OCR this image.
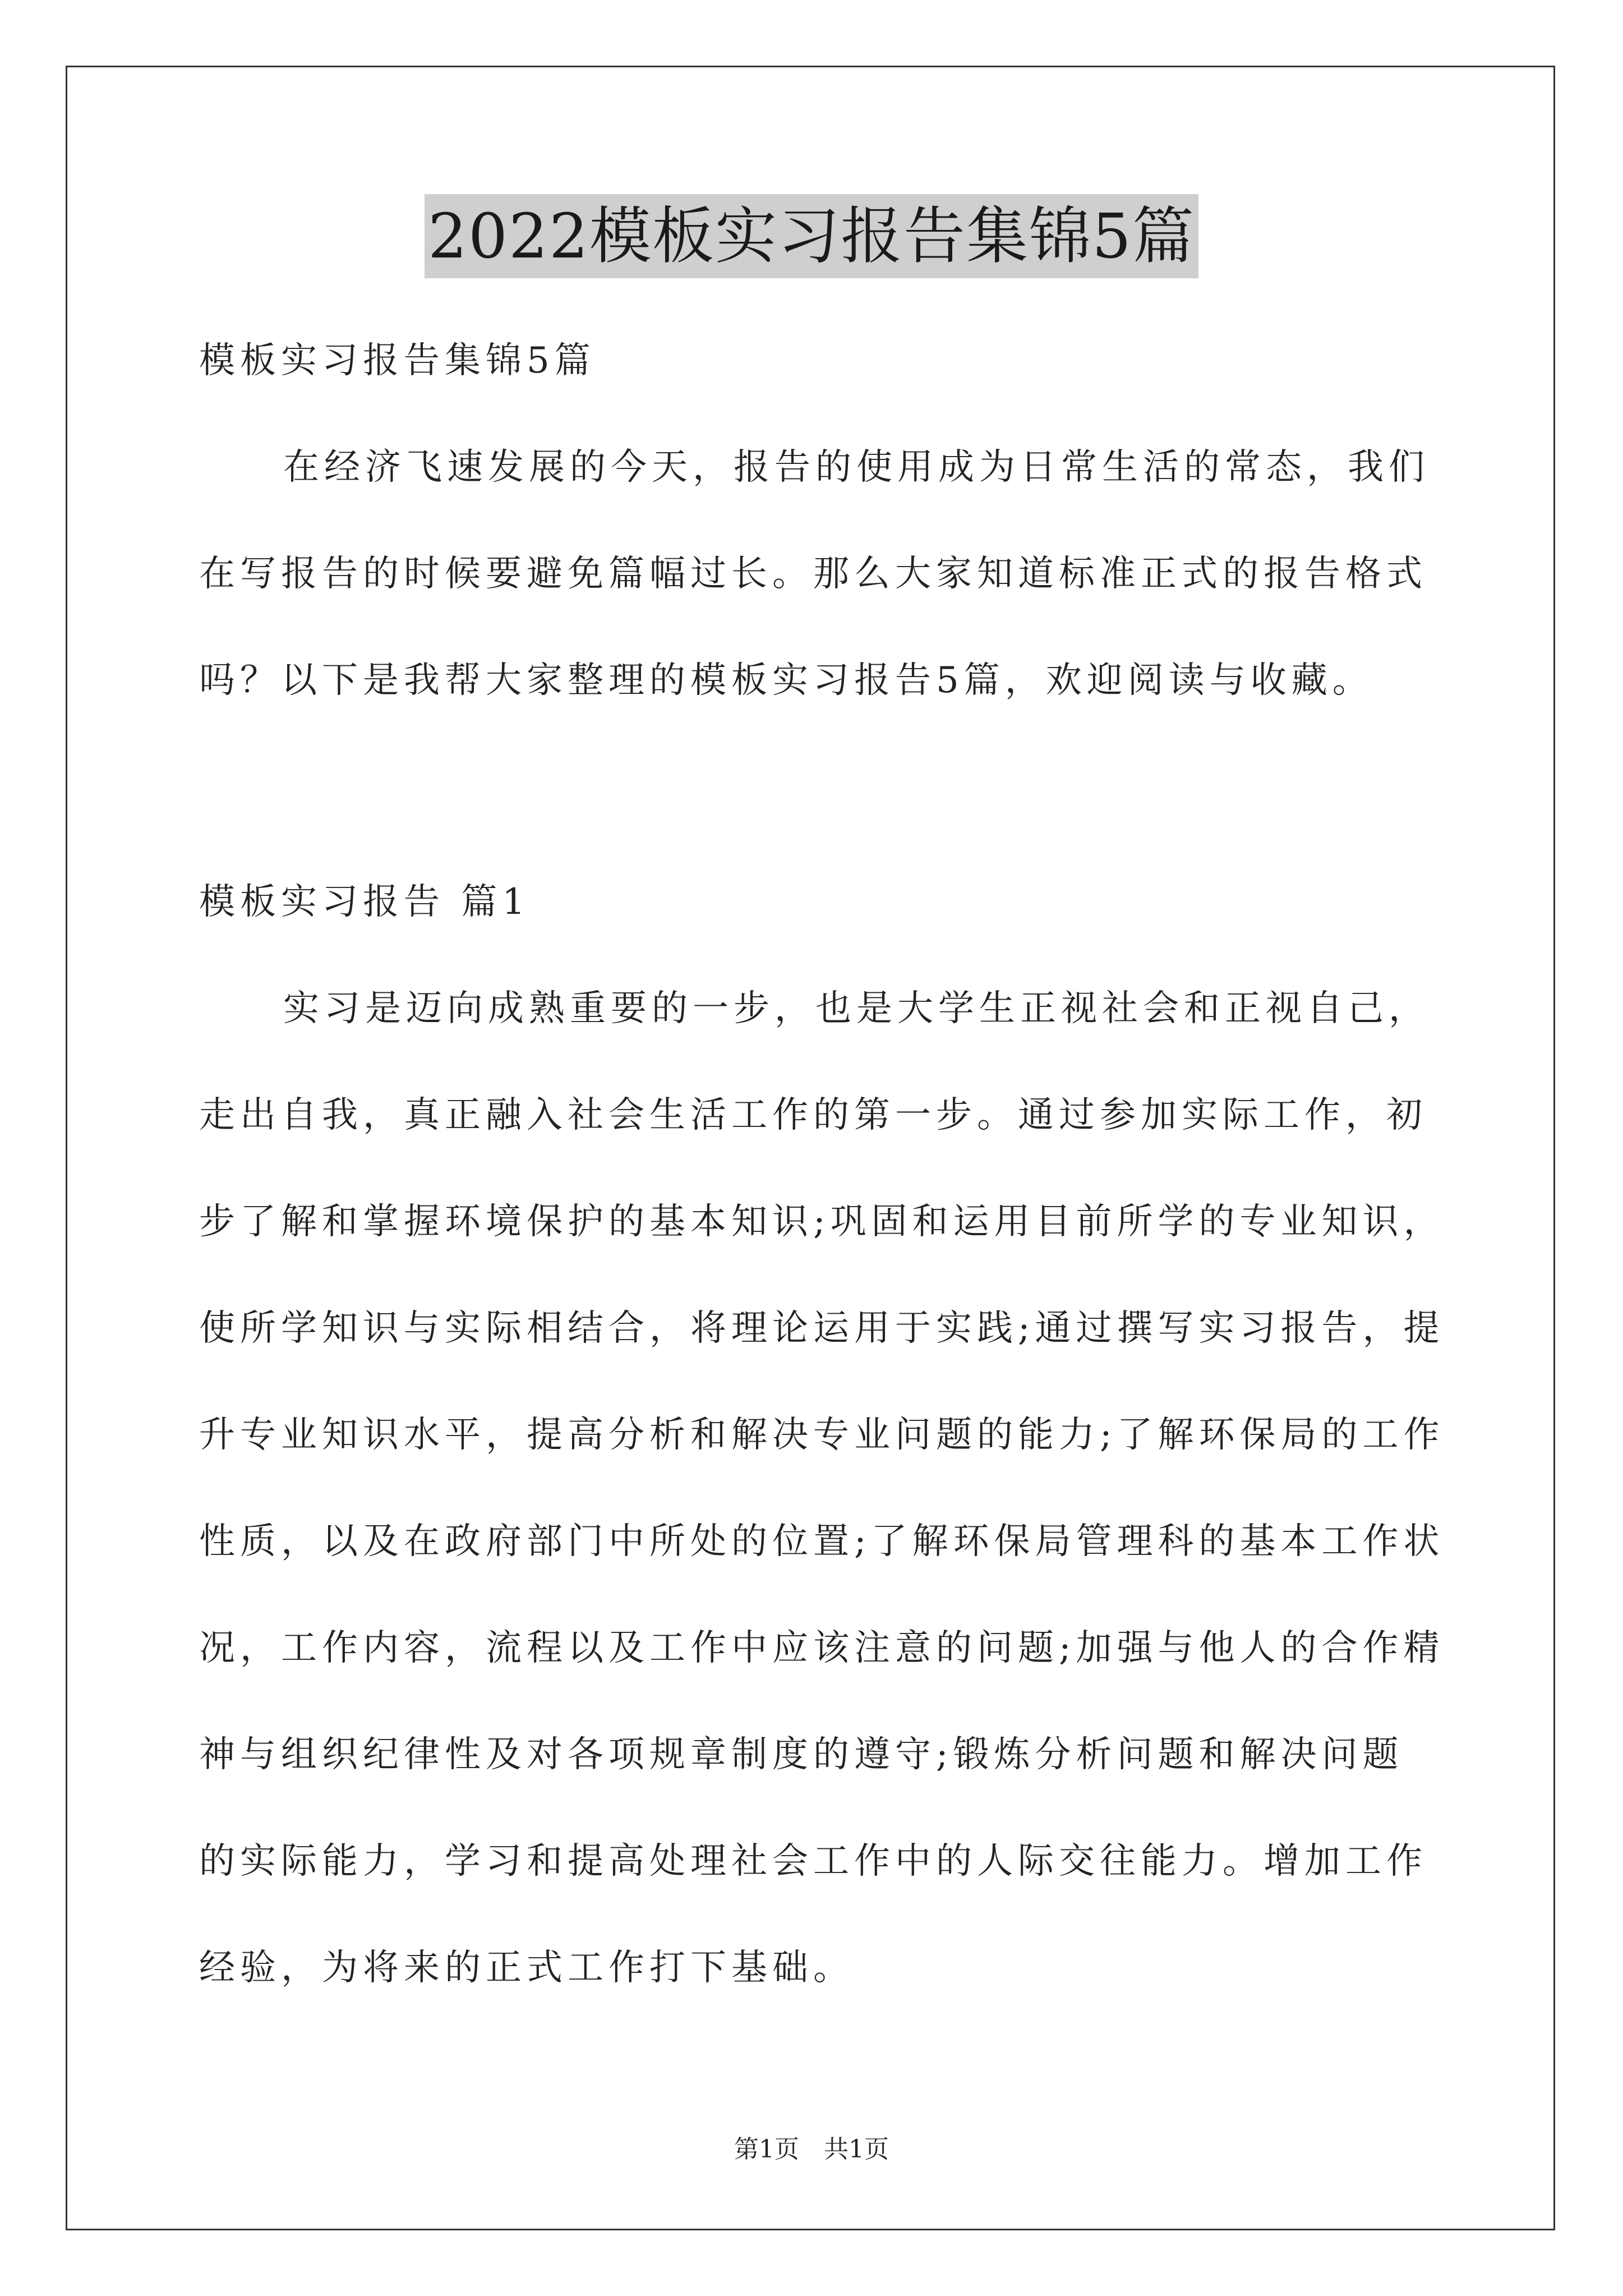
2022模板实习报告集锦5篇
模板实习报告集锦5篇
在经济飞速发展的今天，报告的使用成为日常生活的常态，我们
在写报告的时候要避免篇幅过长。那么大家知道标准正式的报告格式
吗？以下是我帮大家整理的模板实习报告5篇，欢迎阅读与收藏。
模板实习报告 篇1
实习是迈向成熟重要的一步，也是大学生正视社会和正视自己，
走出自我，真正融入社会生活工作的第一步。通过参加实际工作，初
步了解和掌握环境保护的基本知识;巩固和运用目前所学的专业知识，
使所学知识与实际相结合，将理论运用于实践;通过撰写实习报告，提
升专业知识水平，提高分析和解决专业问题的能力;了解环保局的工作
性质，以及在政府部门中所处的位置;了解环保局管理科的基本工作状
况，工作内容，流程以及工作中应该注意的问题;加强与他人的合作精
神与组织纪律性及对各项规章制度的遵守;锻炼分析问题和解决问题
的实际能力，学习和提高处理社会工作中的人际交往能力。增加工作
经验，为将来的正式工作打下基础。
第1页　共1页
